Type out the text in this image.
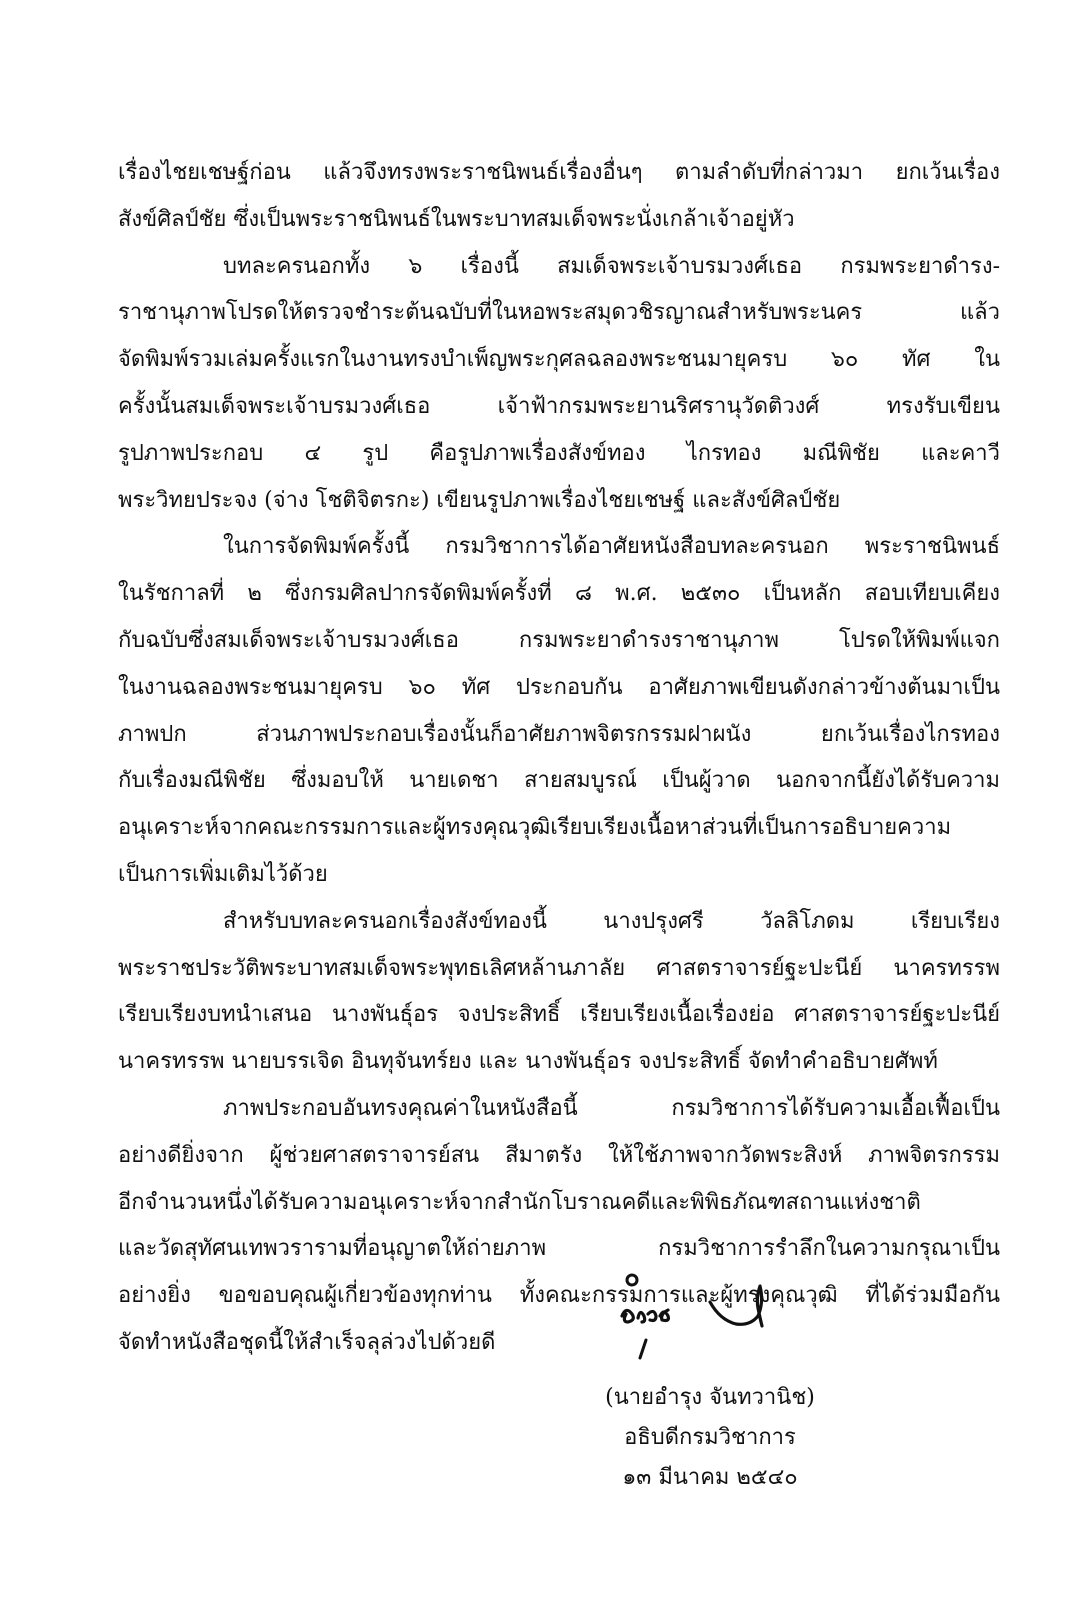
เรื่องไชยเชษฐ์ก่อน แล้วจึงทรงพระราชนิพนธ์เรื่องอื่นๆ ตามลำดับที่กล่าวมา ยกเว้นเรื่อง
สังข์ศิลป์ชัย ซึ่งเป็นพระราชนิพนธ์ในพระบาทสมเด็จพระนั่งเกล้าเจ้าอยู่หัว
บทละครนอกทั้ง ๖ เรื่องนี้ สมเด็จพระเจ้าบรมวงศ์เธอ กรมพระยาดำรง-
ราชานุภาพโปรดให้ตรวจชำระต้นฉบับที่ในหอพระสมุดวชิรญาณสำหรับพระนคร แล้ว
จัดพิมพ์รวมเล่มครั้งแรกในงานทรงบำเพ็ญพระกุศลฉลองพระชนมายุครบ ๖๐ ทัศ ใน
ครั้งนั้นสมเด็จพระเจ้าบรมวงศ์เธอ เจ้าฟ้ากรมพระยานริศรานุวัดติวงศ์ ทรงรับเขียน
รูปภาพประกอบ ๔ รูป คือรูปภาพเรื่องสังข์ทอง ไกรทอง มณีพิชัย และคาวี
พระวิทยประจง (จ่าง โชติจิตรกะ) เขียนรูปภาพเรื่องไชยเชษฐ์ และสังข์ศิลป์ชัย
ในการจัดพิมพ์ครั้งนี้ กรมวิชาการได้อาศัยหนังสือบทละครนอก พระราชนิพนธ์
ในรัชกาลที่ ๒ ซึ่งกรมศิลปากรจัดพิมพ์ครั้งที่ ๘ พ.ศ. ๒๕๓๐ เป็นหลัก สอบเทียบเคียง
กับฉบับซึ่งสมเด็จพระเจ้าบรมวงศ์เธอ กรมพระยาดำรงราชานุภาพ โปรดให้พิมพ์แจก
ในงานฉลองพระชนมายุครบ ๖๐ ทัศ ประกอบกัน อาศัยภาพเขียนดังกล่าวข้างต้นมาเป็น
ภาพปก ส่วนภาพประกอบเรื่องนั้นก็อาศัยภาพจิตรกรรมฝาผนัง ยกเว้นเรื่องไกรทอง
กับเรื่องมณีพิชัย ซึ่งมอบให้ นายเดชา สายสมบูรณ์ เป็นผู้วาด นอกจากนี้ยังได้รับความ
อนุเคราะห์จากคณะกรรมการและผู้ทรงคุณวุฒิเรียบเรียงเนื้อหาส่วนที่เป็นการอธิบายความ
เป็นการเพิ่มเติมไว้ด้วย
สำหรับบทละครนอกเรื่องสังข์ทองนี้ นางปรุงศรี วัลลิโภดม เรียบเรียง
พระราชประวัติพระบาทสมเด็จพระพุทธเลิศหล้านภาลัย ศาสตราจารย์ฐะปะนีย์ นาครทรรพ
เรียบเรียงบทนำเสนอ นางพันธุ์อร จงประสิทธิ์ เรียบเรียงเนื้อเรื่องย่อ ศาสตราจารย์ฐะปะนีย์
นาครทรรพ นายบรรเจิด อินทุจันทร์ยง และ นางพันธุ์อร จงประสิทธิ์ จัดทำคำอธิบายศัพท์
ภาพประกอบอันทรงคุณค่าในหนังสือนี้ กรมวิชาการได้รับความเอื้อเฟื้อเป็น
อย่างดียิ่งจาก ผู้ช่วยศาสตราจารย์สน สีมาตรัง ให้ใช้ภาพจากวัดพระสิงห์ ภาพจิตรกรรม
อีกจำนวนหนึ่งได้รับความอนุเคราะห์จากสำนักโบราณคดีและพิพิธภัณฑสถานแห่งชาติ
และวัดสุทัศนเทพวรารามที่อนุญาตให้ถ่ายภาพ กรมวิชาการรำลึกในความกรุณาเป็น
อย่างยิ่ง ขอขอบคุณผู้เกี่ยวข้องทุกท่าน ทั้งคณะกรรมการและผู้ทรงคุณวุฒิ ที่ได้ร่วมมือกัน
จัดทำหนังสือชุดนี้ให้สำเร็จลุล่วงไปด้วยดี
(นายอำรุง จันทวานิช)
อธิบดีกรมวิชาการ
๑๓ มีนาคม ๒๕๔๐
